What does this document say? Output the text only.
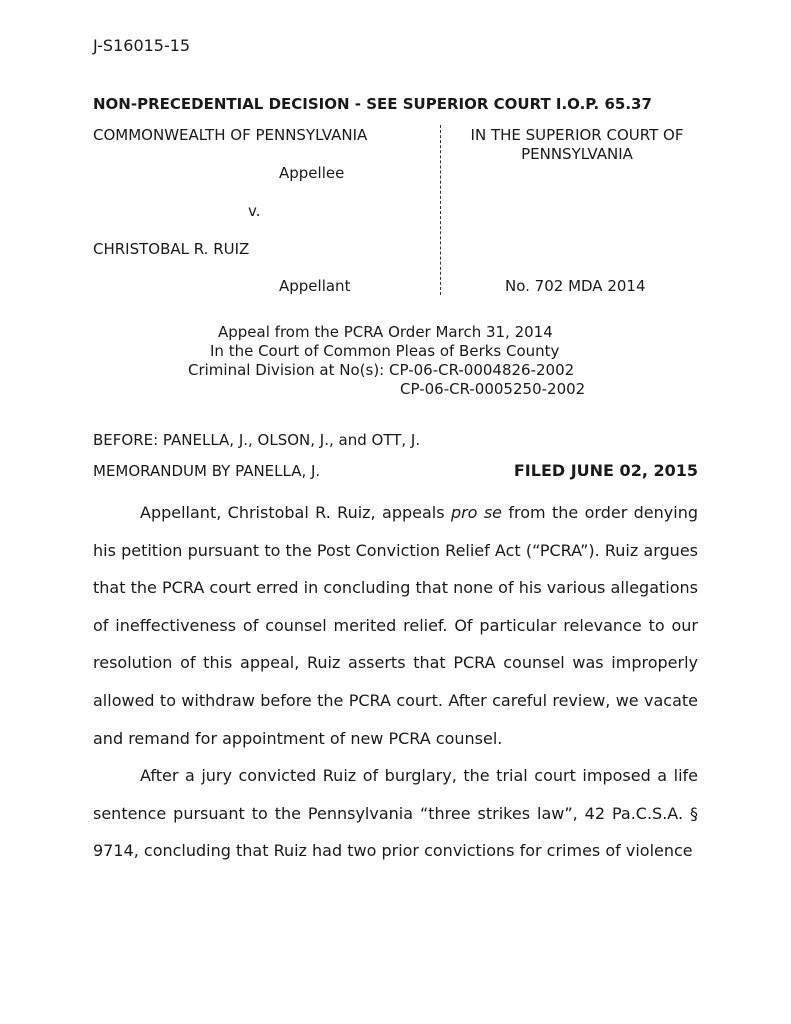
J-S16015-15
NON-PRECEDENTIAL DECISION - SEE SUPERIOR COURT I.O.P. 65.37
COMMONWEALTH OF PENNSYLVANIA
Appellee
v.
CHRISTOBAL R. RUIZ
Appellant
IN THE SUPERIOR COURT OF
PENNSYLVANIA
No. 702 MDA 2014
Appeal from the PCRA Order March 31, 2014
In the Court of Common Pleas of Berks County
Criminal Division at No(s): CP-06-CR-0004826-2002
CP-06-CR-0005250-2002
BEFORE: PANELLA, J., OLSON, J., and OTT, J.
MEMORANDUM BY PANELLA, J.	FILED JUNE 02, 2015

Appellant, Christobal R. Ruiz, appeals pro se from the order denying his petition pursuant to the Post Conviction Relief Act (“PCRA”). Ruiz argues that the PCRA court erred in concluding that none of his various allegations of ineffectiveness of counsel merited relief. Of particular relevance to our resolution of this appeal, Ruiz asserts that PCRA counsel was improperly allowed to withdraw before the PCRA court. After careful review, we vacate and remand for appointment of new PCRA counsel.

After a jury convicted Ruiz of burglary, the trial court imposed a life sentence pursuant to the Pennsylvania “three strikes law”, 42 Pa.C.S.A. § 9714, concluding that Ruiz had two prior convictions for crimes of violence
